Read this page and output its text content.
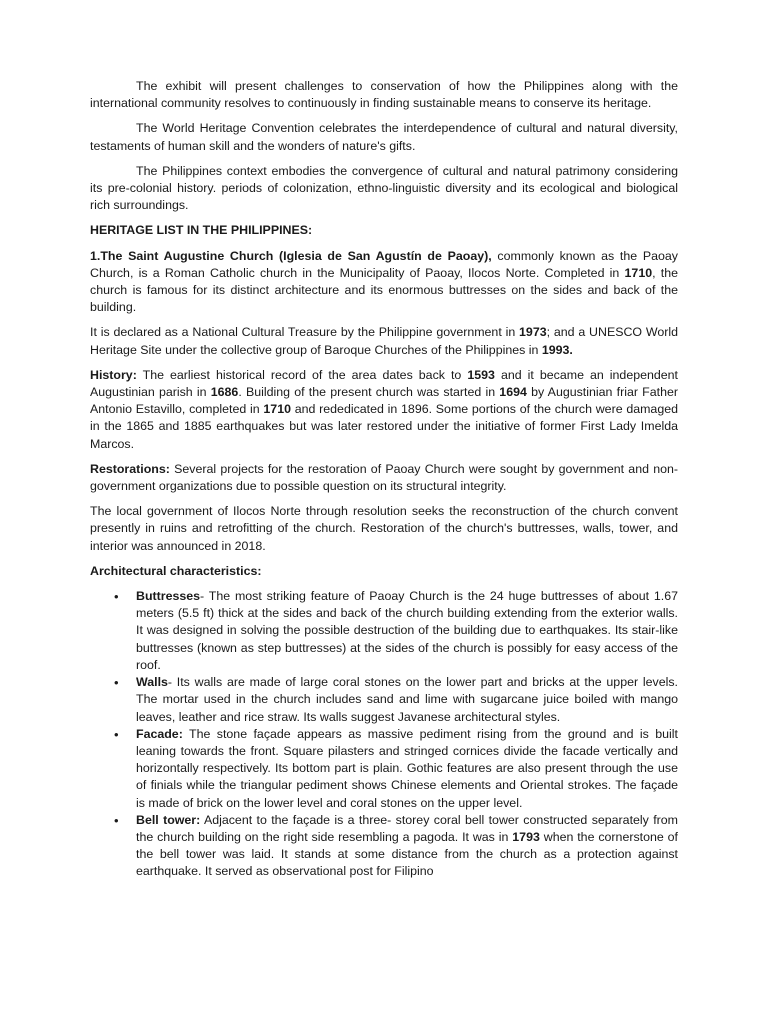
The exhibit will present challenges to conservation of how the Philippines along with the international community resolves to continuously in finding sustainable means to conserve its heritage.

The World Heritage Convention celebrates the interdependence of cultural and natural diversity, testaments of human skill and the wonders of nature's gifts.

The Philippines context embodies the convergence of cultural and natural patrimony considering its pre-colonial history. periods of colonization, ethno-linguistic diversity and its ecological and biological rich surroundings.

HERITAGE LIST IN THE PHILIPPINES:

1.The Saint Augustine Church (Iglesia de San Agustín de Paoay), commonly known as the Paoay Church, is a Roman Catholic church in the Municipality of Paoay, Ilocos Norte. Completed in 1710, the church is famous for its distinct architecture and its enormous buttresses on the sides and back of the building.

It is declared as a National Cultural Treasure by the Philippine government in 1973; and a UNESCO World Heritage Site under the collective group of Baroque Churches of the Philippines in 1993.

History: The earliest historical record of the area dates back to 1593 and it became an independent Augustinian parish in 1686. Building of the present church was started in 1694 by Augustinian friar Father Antonio Estavillo, completed in 1710 and rededicated in 1896. Some portions of the church were damaged in the 1865 and 1885 earthquakes but was later restored under the initiative of former First Lady Imelda Marcos.

Restorations: Several projects for the restoration of Paoay Church were sought by government and non-government organizations due to possible question on its structural integrity.

The local government of Ilocos Norte through resolution seeks the reconstruction of the church convent presently in ruins and retrofitting of the church. Restoration of the church's buttresses, walls, tower, and interior was announced in 2018.

Architectural characteristics:
• Buttresses- The most striking feature of Paoay Church is the 24 huge buttresses of about 1.67 meters (5.5 ft) thick at the sides and back of the church building extending from the exterior walls. It was designed in solving the possible destruction of the building due to earthquakes. Its stair-like buttresses (known as step buttresses) at the sides of the church is possibly for easy access of the roof.
• Walls- Its walls are made of large coral stones on the lower part and bricks at the upper levels. The mortar used in the church includes sand and lime with sugarcane juice boiled with mango leaves, leather and rice straw. Its walls suggest Javanese architectural styles.
• Facade: The stone façade appears as massive pediment rising from the ground and is built leaning towards the front. Square pilasters and stringed cornices divide the facade vertically and horizontally respectively. Its bottom part is plain. Gothic features are also present through the use of finials while the triangular pediment shows Chinese elements and Oriental strokes. The façade is made of brick on the lower level and coral stones on the upper level.
• Bell tower: Adjacent to the façade is a three- storey coral bell tower constructed separately from the church building on the right side resembling a pagoda. It was in 1793 when the cornerstone of the bell tower was laid. It stands at some distance from the church as a protection against earthquake. It served as observational post for Filipino
